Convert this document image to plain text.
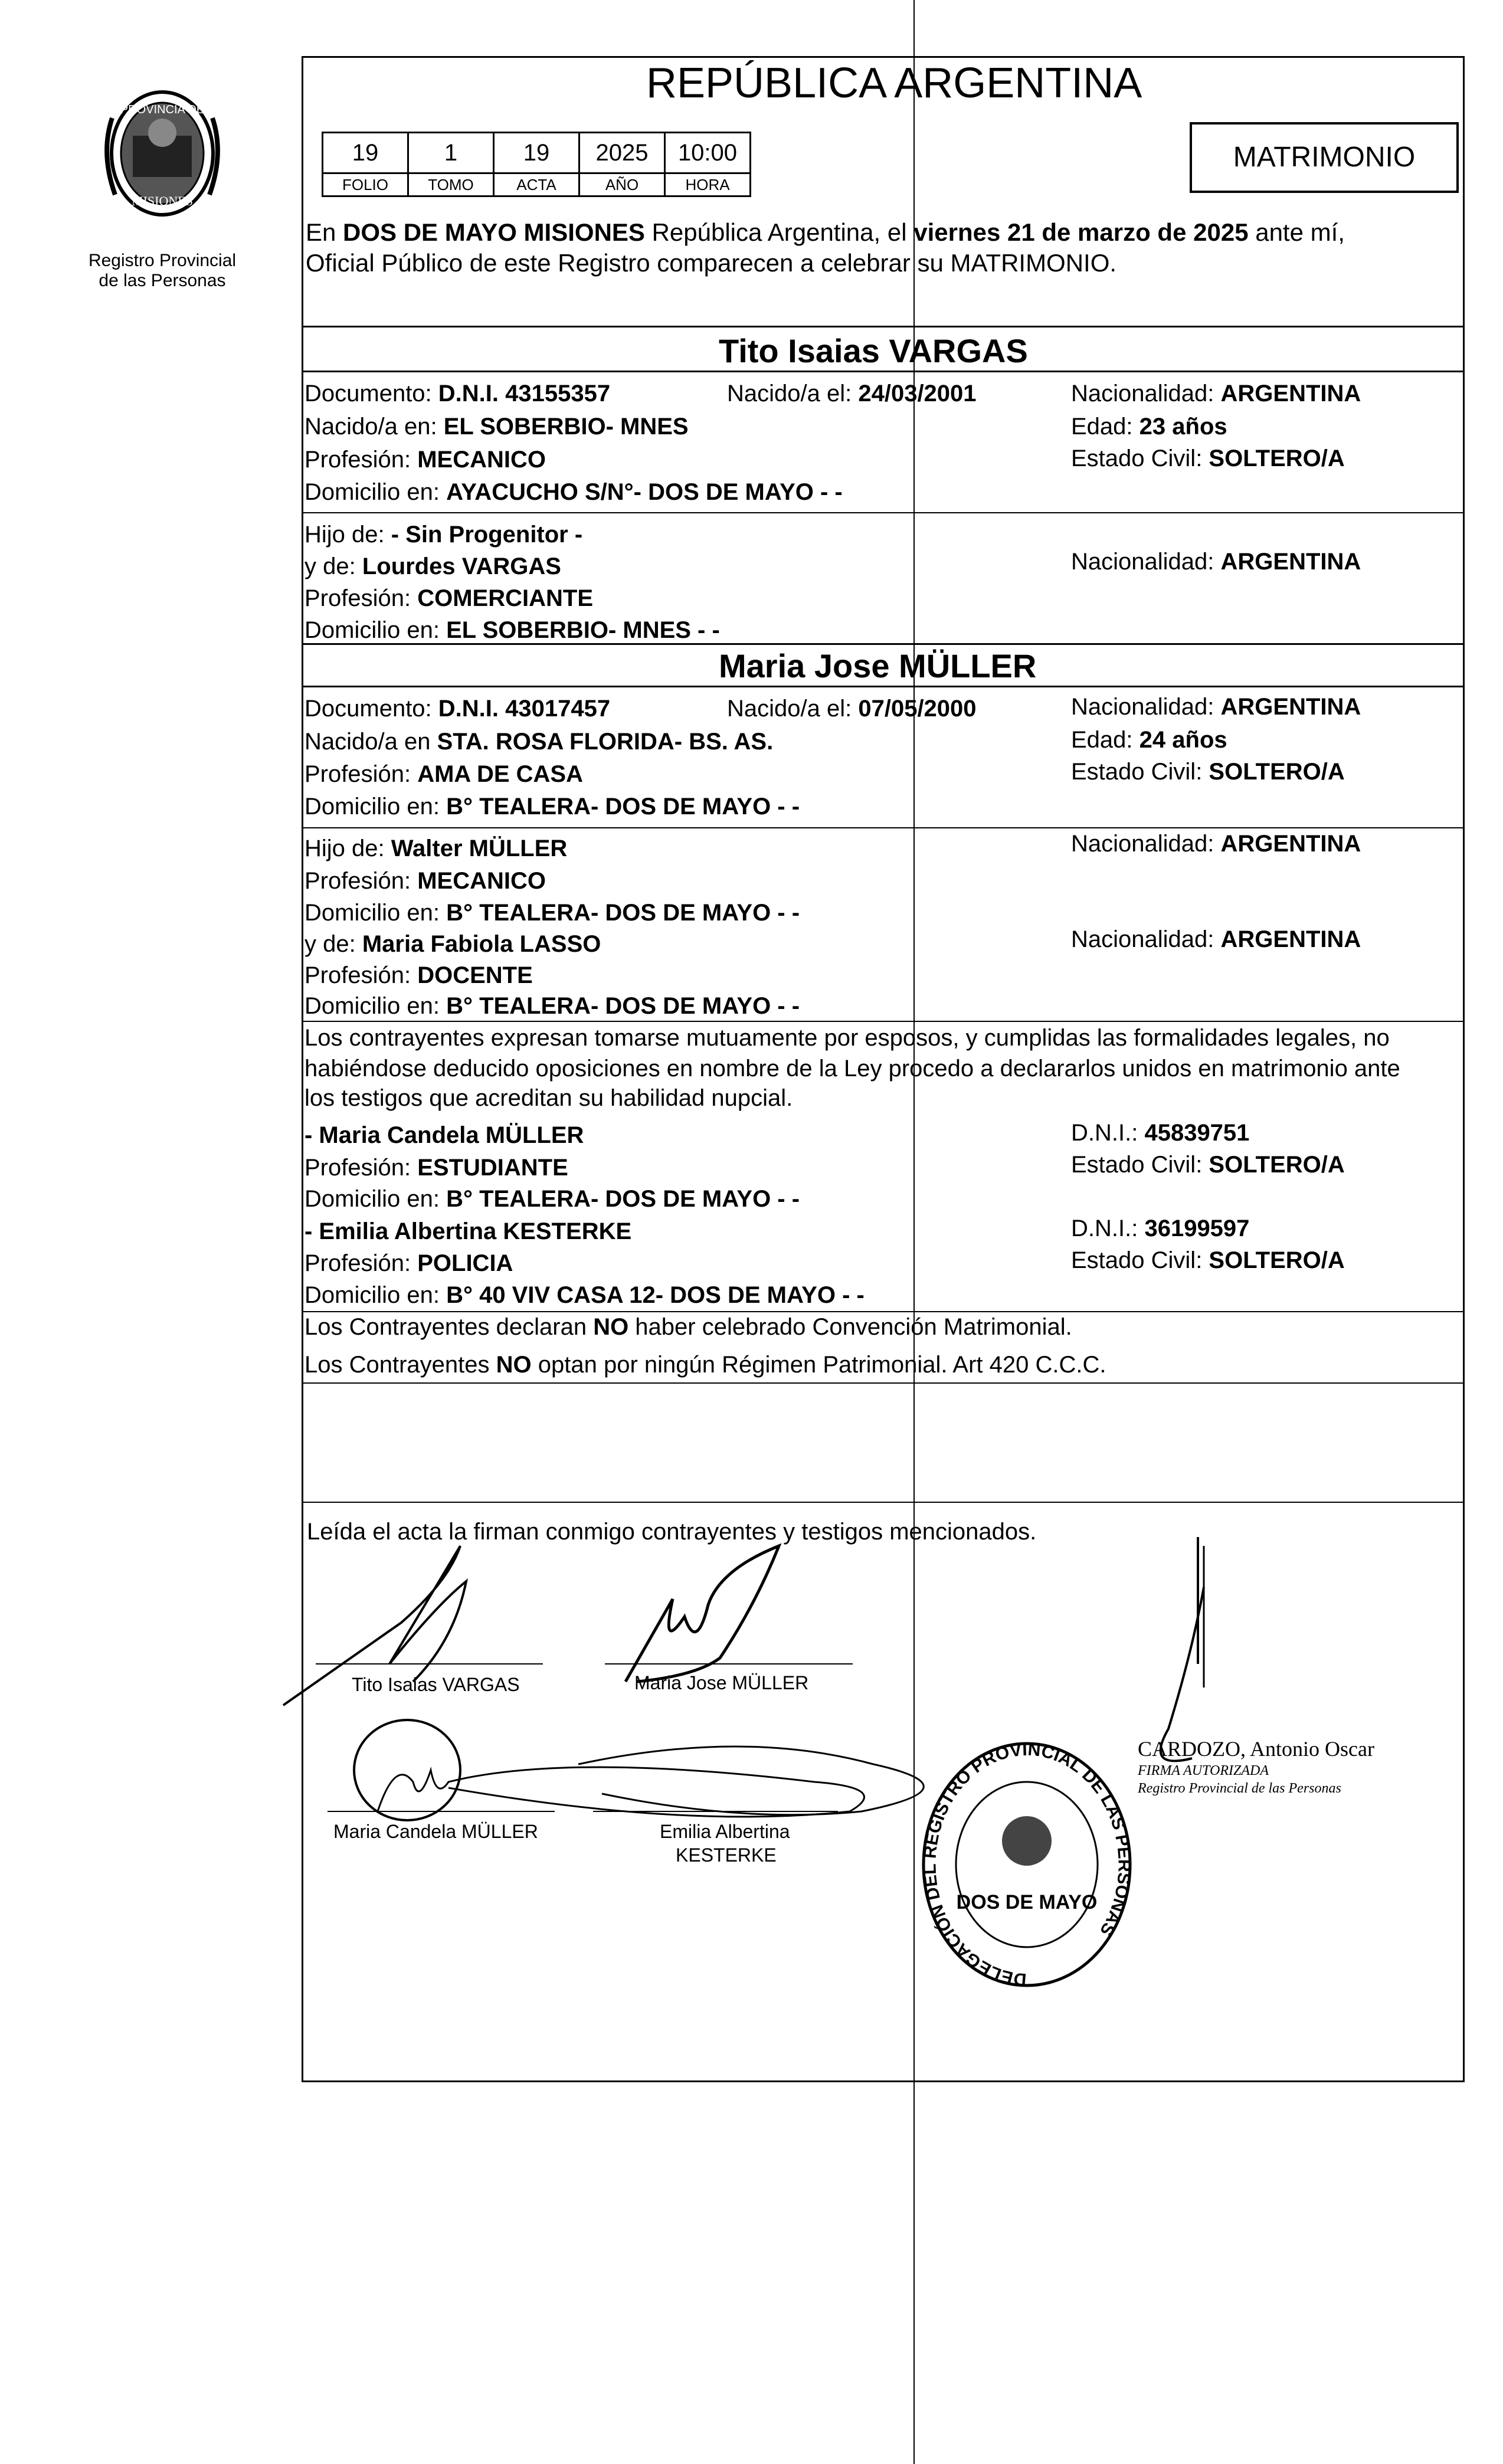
PROVINCIA DE
MISIONES
Registro Provincial
de las Personas
REPÚBLICA ARGENTINA
19	1	19	2025	10:00
FOLIO	TOMO	ACTA	AÑO	HORA
MATRIMONIO
En DOS DE MAYO MISIONES República Argentina, el viernes 21 de marzo de 2025 ante mí,
Oficial Público de este Registro comparecen a celebrar su MATRIMONIO.
Tito Isaias VARGAS
Documento: D.N.I. 43155357	Nacido/a el: 24/03/2001	Nacionalidad: ARGENTINA
Nacido/a en: EL SOBERBIO- MNES	Edad: 23 años
Profesión: MECANICO	Estado Civil: SOLTERO/A
Domicilio en: AYACUCHO S/N°- DOS DE MAYO - -
Hijo de: - Sin Progenitor -
y de: Lourdes VARGAS	Nacionalidad: ARGENTINA
Profesión: COMERCIANTE
Domicilio en: EL SOBERBIO- MNES - -
Maria Jose MÜLLER
Documento: D.N.I. 43017457	Nacido/a el: 07/05/2000	Nacionalidad: ARGENTINA
Nacido/a en STA. ROSA FLORIDA- BS. AS.	Edad: 24 años
Profesión: AMA DE CASA	Estado Civil: SOLTERO/A
Domicilio en: B° TEALERA- DOS DE MAYO - -
Hijo de: Walter MÜLLER	Nacionalidad: ARGENTINA
Profesión: MECANICO
Domicilio en: B° TEALERA- DOS DE MAYO - -
y de: Maria Fabiola LASSO	Nacionalidad: ARGENTINA
Profesión: DOCENTE
Domicilio en: B° TEALERA- DOS DE MAYO - -
Los contrayentes expresan tomarse mutuamente por esposos, y cumplidas las formalidades legales, no
habiéndose deducido oposiciones en nombre de la Ley procedo a declararlos unidos en matrimonio ante
los testigos que acreditan su habilidad nupcial.
- Maria Candela MÜLLER	D.N.I.: 45839751
Profesión: ESTUDIANTE	Estado Civil: SOLTERO/A
Domicilio en: B° TEALERA- DOS DE MAYO - -
- Emilia Albertina KESTERKE	D.N.I.: 36199597
Profesión: POLICIA	Estado Civil: SOLTERO/A
Domicilio en: B° 40 VIV CASA 12- DOS DE MAYO - -
Los Contrayentes declaran NO haber celebrado Convención Matrimonial.
Los Contrayentes NO optan por ningún Régimen Patrimonial. Art 420 C.C.C.
Leída el acta la firman conmigo contrayentes y testigos mencionados.
Tito Isaias VARGAS	Maria Jose MÜLLER
Maria Candela MÜLLER	Emilia Albertina
KESTERKE
CARDOZO, Antonio Oscar
FIRMA AUTORIZADA
Registro Provincial de las Personas
DELEGACIÓN DEL REGISTRO PROVINCIAL DE LAS PERSONAS
DOS DE MAYO
